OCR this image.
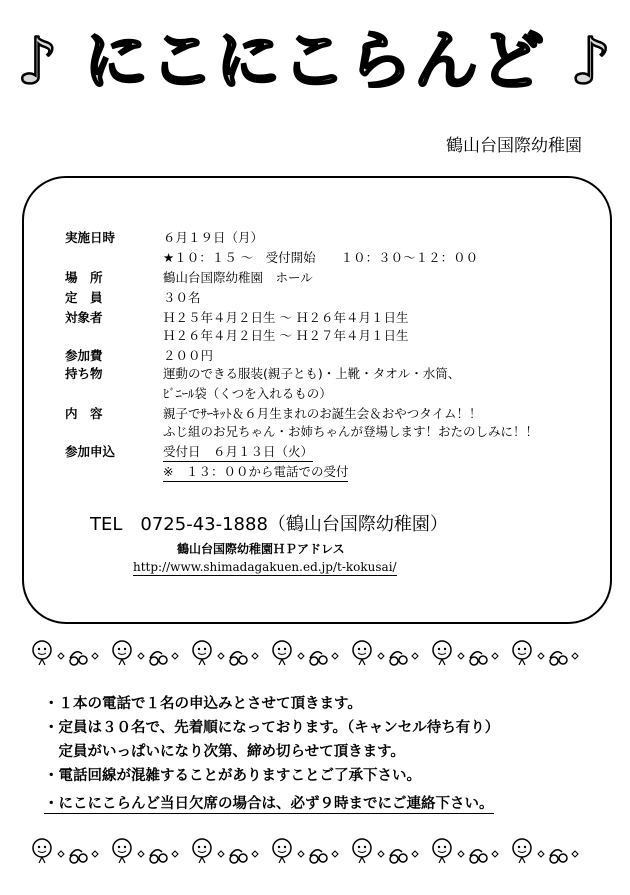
♪ にこにこらんど ♪
鶴山台国際幼稚園
実施日時	６月１９日（月）
★１０：１５ ～　受付開始　　１０：３０～１２：００
場　所	鶴山台国際幼稚園　ホール
定　員	３０名
対象者	Ｈ２５年４月２日生 ～ Ｈ２６年４月１日生
Ｈ２６年４月２日生 ～ Ｈ２７年４月１日生
参加費	２００円
持ち物	運動のできる服装(親子とも)・上靴・タオル・水筒、
ﾋﾞﾆｰﾙ袋（くつを入れるもの）
内　容	親子でｻｰｷｯﾄ＆６月生まれのお誕生会＆おやつタイム！！
ふじ組のお兄ちゃん・お姉ちゃんが登場します！おたのしみに！！
参加申込	受付日　６月１３日（火）
※　１３：００から電話での受付
TEL 0725-43-1888（鶴山台国際幼稚園）
鶴山台国際幼稚園ＨＰアドレス
http://www.shimadagakuen.ed.jp/t-kokusai/
・１本の電話で１名の申込みとさせて頂きます。
・定員は３０名で、先着順になっております。（キャンセル待ち有り）
　定員がいっぱいになり次第、締め切らせて頂きます。
・電話回線が混雑することがありますことご了承下さい。
・にこにこらんど当日欠席の場合は、必ず９時までにご連絡下さい。
